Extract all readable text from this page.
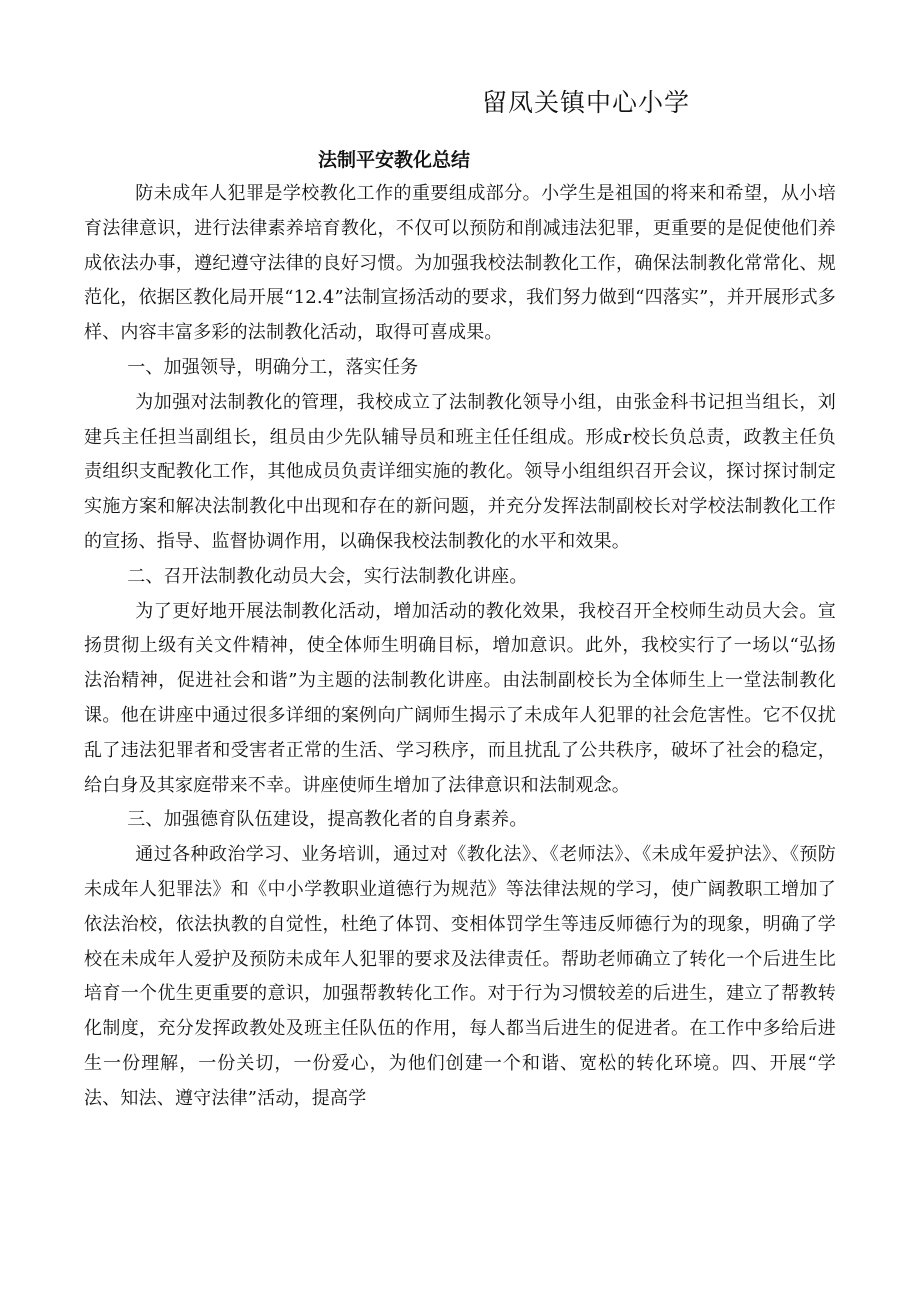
留凤关镇中心小学
法制平安教化总结

防未成年人犯罪是学校教化工作的重要组成部分。小学生是祖国的将来和希望，从小培育法律意识，进行法律素养培育教化，不仅可以预防和削减违法犯罪，更重要的是促使他们养成依法办事，遵纪遵守法律的良好习惯。为加强我校法制教化工作，确保法制教化常常化、规范化，依据区教化局开展“12.4”法制宣扬活动的要求，我们努力做到“四落实”，并开展形式多样、内容丰富多彩的法制教化活动，取得可喜成果。

一、加强领导，明确分工，落实任务

为加强对法制教化的管理，我校成立了法制教化领导小组，由张金科书记担当组长，刘建兵主任担当副组长，组员由少先队辅导员和班主任任组成。形成r校长负总责，政教主任负责组织支配教化工作，其他成员负责详细实施的教化。领导小组组织召开会议，探讨探讨制定实施方案和解决法制教化中出现和存在的新问题，并充分发挥法制副校长对学校法制教化工作的宣扬、指导、监督协调作用，以确保我校法制教化的水平和效果。

二、召开法制教化动员大会，实行法制教化讲座。

为了更好地开展法制教化活动，增加活动的教化效果，我校召开全校师生动员大会。宣扬贯彻上级有关文件精神，使全体师生明确目标，增加意识。此外，我校实行了一场以“弘扬法治精神，促进社会和谐”为主题的法制教化讲座。由法制副校长为全体师生上一堂法制教化课。他在讲座中通过很多详细的案例向广阔师生揭示了未成年人犯罪的社会危害性。它不仅扰乱了违法犯罪者和受害者正常的生活、学习秩序，而且扰乱了公共秩序，破坏了社会的稳定，给白身及其家庭带来不幸。讲座使师生增加了法律意识和法制观念。

三、加强德育队伍建设，提高教化者的自身素养。

通过各种政治学习、业务培训，通过对《教化法》、《老师法》、《未成年爱护法》、《预防未成年人犯罪法》和《中小学教职业道德行为规范》等法律法规的学习，使广阔教职工增加了依法治校，依法执教的自觉性，杜绝了体罚、变相体罚学生等违反师德行为的现象，明确了学校在未成年人爱护及预防未成年人犯罪的要求及法律责任。帮助老师确立了转化一个后进生比培育一个优生更重要的意识，加强帮教转化工作。对于行为习惯较差的后进生，建立了帮教转化制度，充分发挥政教处及班主任队伍的作用，每人都当后进生的促进者。在工作中多给后进生一份理解，一份关切，一份爱心，为他们创建一个和谐、宽松的转化环境。四、开展“学法、知法、遵守法律”活动，提高学
